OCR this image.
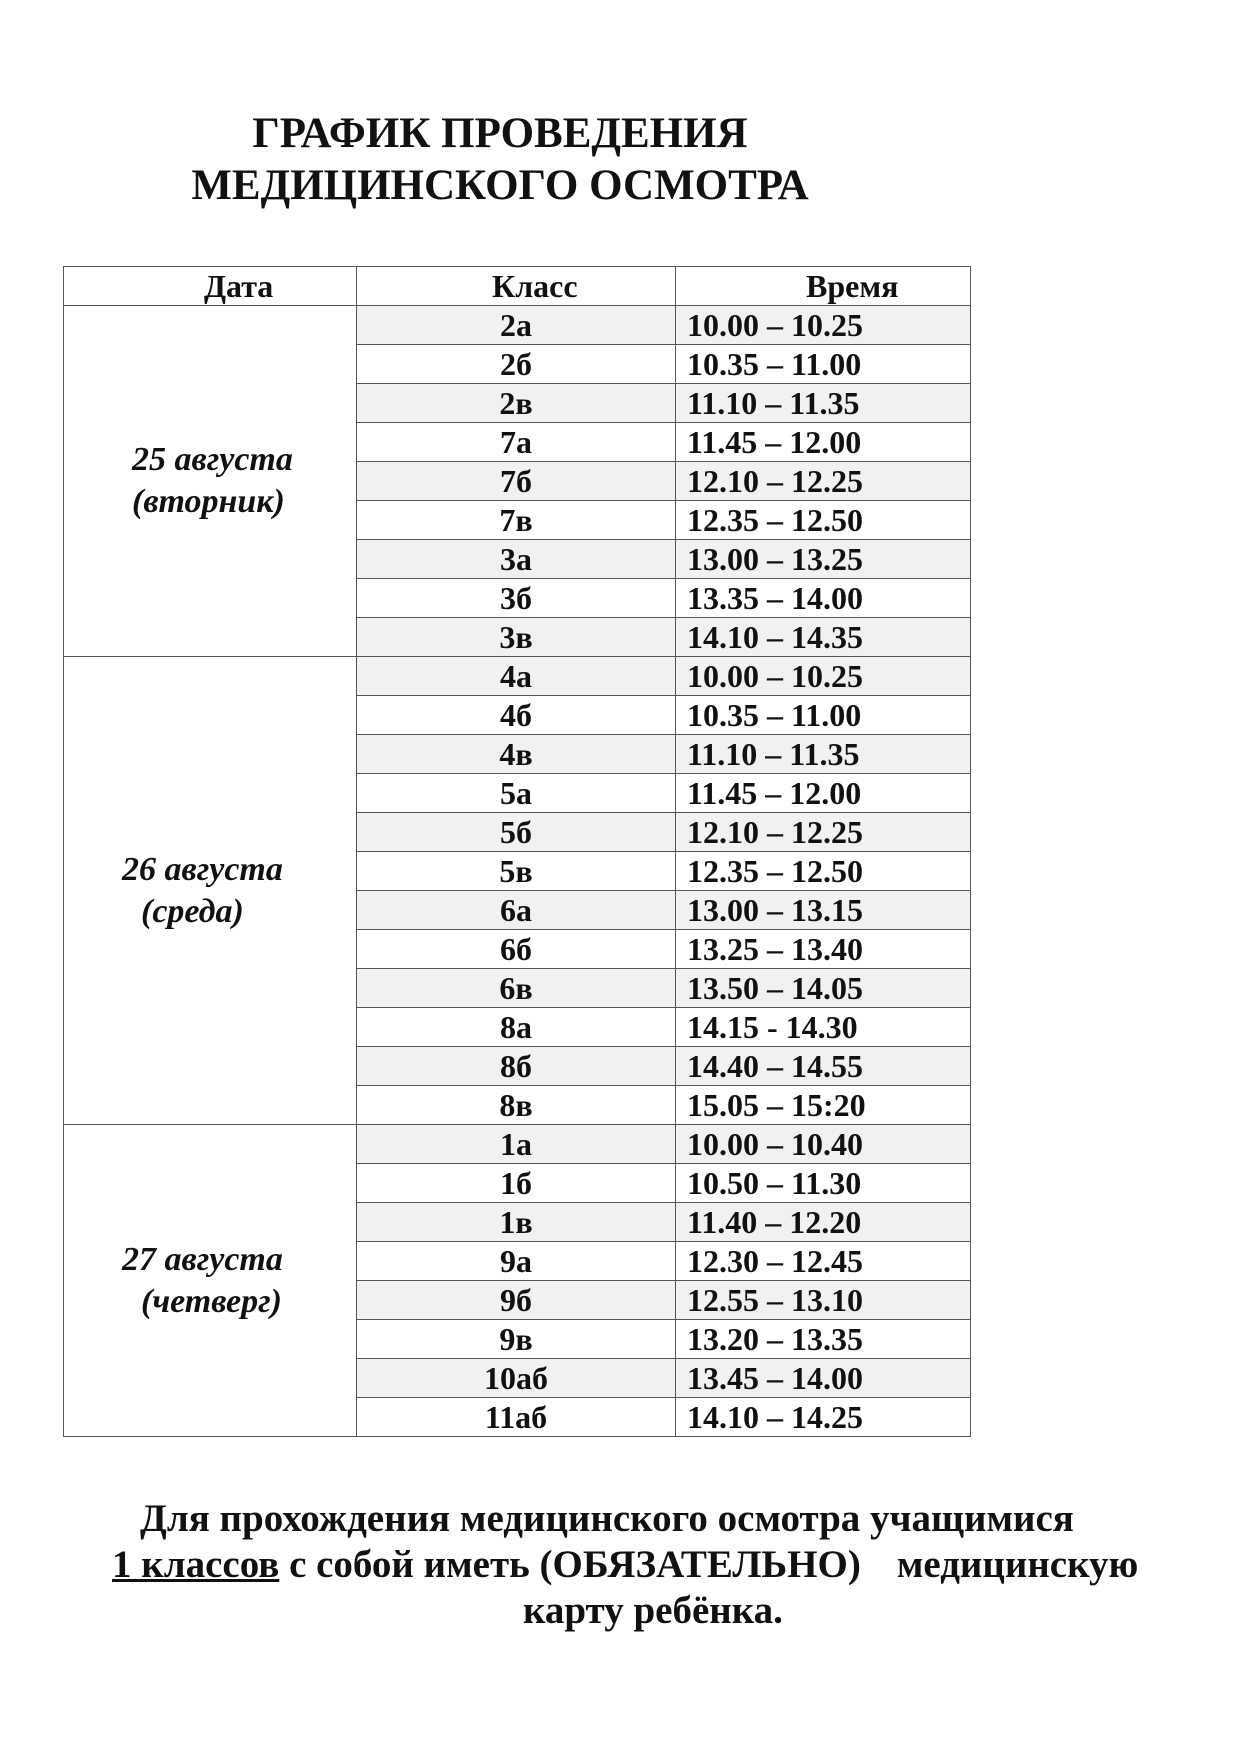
ГРАФИК ПРОВЕДЕНИЯ
МЕДИЦИНСКОГО ОСМОТРА
Дата	Класс	Время

25 августа
(вторник)	2а	10.00 – 10.25
	2б	10.35 – 11.00
	2в	11.10 – 11.35
	7а	11.45 – 12.00
	7б	12.10 – 12.25
	7в	12.35 – 12.50
	3а	13.00 – 13.25
	3б	13.35 – 14.00
	3в	14.10 – 14.35

26 августа
(среда)	4а	10.00 – 10.25
	4б	10.35 – 11.00
	4в	11.10 – 11.35
	5а	11.45 – 12.00
	5б	12.10 – 12.25
	5в	12.35 – 12.50
	6а	13.00 – 13.15
	6б	13.25 – 13.40
	6в	13.50 – 14.05
	8а	14.15 - 14.30
	8б	14.40 – 14.55
	8в	15.05 – 15:20

27 августа
(четверг)	1а	10.00 – 10.40
	1б	10.50 – 11.30
	1в	11.40 – 12.20
	9а	12.30 – 12.45
	9б	12.55 – 13.10
	9в	13.20 – 13.35
	10аб	13.45 – 14.00
	11аб	14.10 – 14.25
Для прохождения медицинского осмотра учащимися
1 классов с собой иметь (ОБЯЗАТЕЛЬНО) медицинскую
карту ребёнка.
